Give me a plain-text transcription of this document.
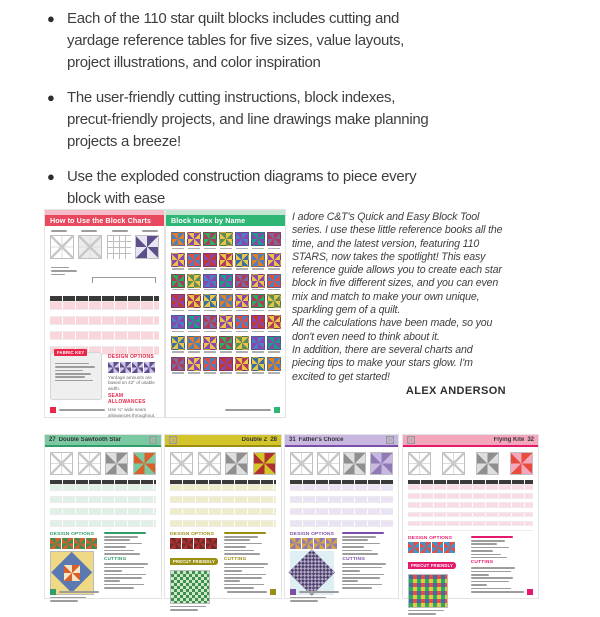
● Each of the 110 star quilt blocks includes cutting and yardage reference tables for five sizes, value layouts, project illustrations, and color inspiration
● The user-friendly cutting instructions, block indexes, precut-friendly projects, and line drawings make planning projects a breeze!
● Use the exploded construction diagrams to piece every block with ease
How to Use the Block Charts
FABRIC KEY
DESIGN OPTIONS
Yardage amounts are based on 42" of usable width.
SEAM ALLOWANCES
Use ¼" wide seam allowances throughout.
Block Index by Name	I adore C&T's Quick and Easy Block Tool series. I use these little reference books all the time, and the latest version, featuring 110 STARS, now takes the spotlight! This easy reference guide allows you to create each star block in five different sizes, and you can even mix and match to make your own unique, sparkling gem of a quilt.

All the calculations have been made, so you don't even need to think about it.

In addition, there are several charts and piecing tips to make your stars glow. I'm excited to get started!

ALEX ANDERSON
27 Double Sawtooth Star
DESIGN OPTIONS
CUTTING
Double Z 28
DESIGN OPTIONS
PRECUT FRIENDLY	CUTTING
31 Father's Choice
DESIGN OPTIONS
CUTTING
Flying Kite 32
DESIGN OPTIONS
PRECUT FRIENDLY	CUTTING
